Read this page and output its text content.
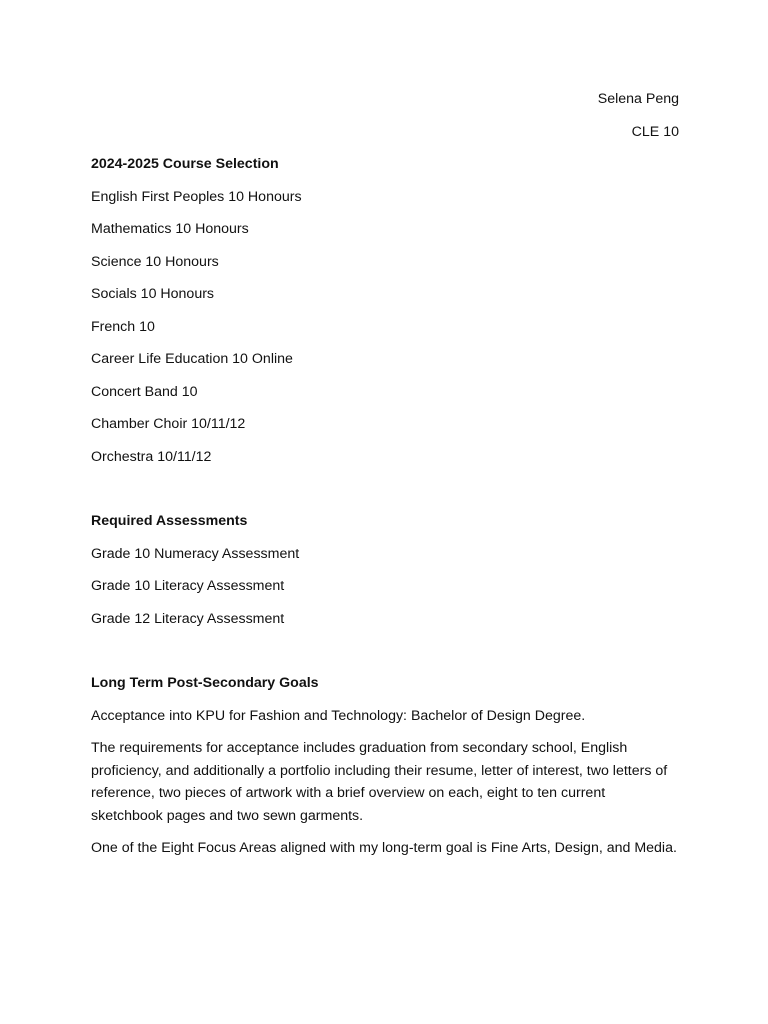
Selena Peng
CLE 10
2024-2025 Course Selection
English First Peoples 10 Honours
Mathematics 10 Honours
Science 10 Honours
Socials 10 Honours
French 10
Career Life Education 10 Online
Concert Band 10
Chamber Choir 10/11/12
Orchestra 10/11/12
Required Assessments
Grade 10 Numeracy Assessment
Grade 10 Literacy Assessment
Grade 12 Literacy Assessment
Long Term Post-Secondary Goals
Acceptance into KPU for Fashion and Technology: Bachelor of Design Degree.
The requirements for acceptance includes graduation from secondary school, English proficiency, and additionally a portfolio including their resume, letter of interest, two letters of reference, two pieces of artwork with a brief overview on each, eight to ten current sketchbook pages and two sewn garments.
One of the Eight Focus Areas aligned with my long-term goal is Fine Arts, Design, and Media.
